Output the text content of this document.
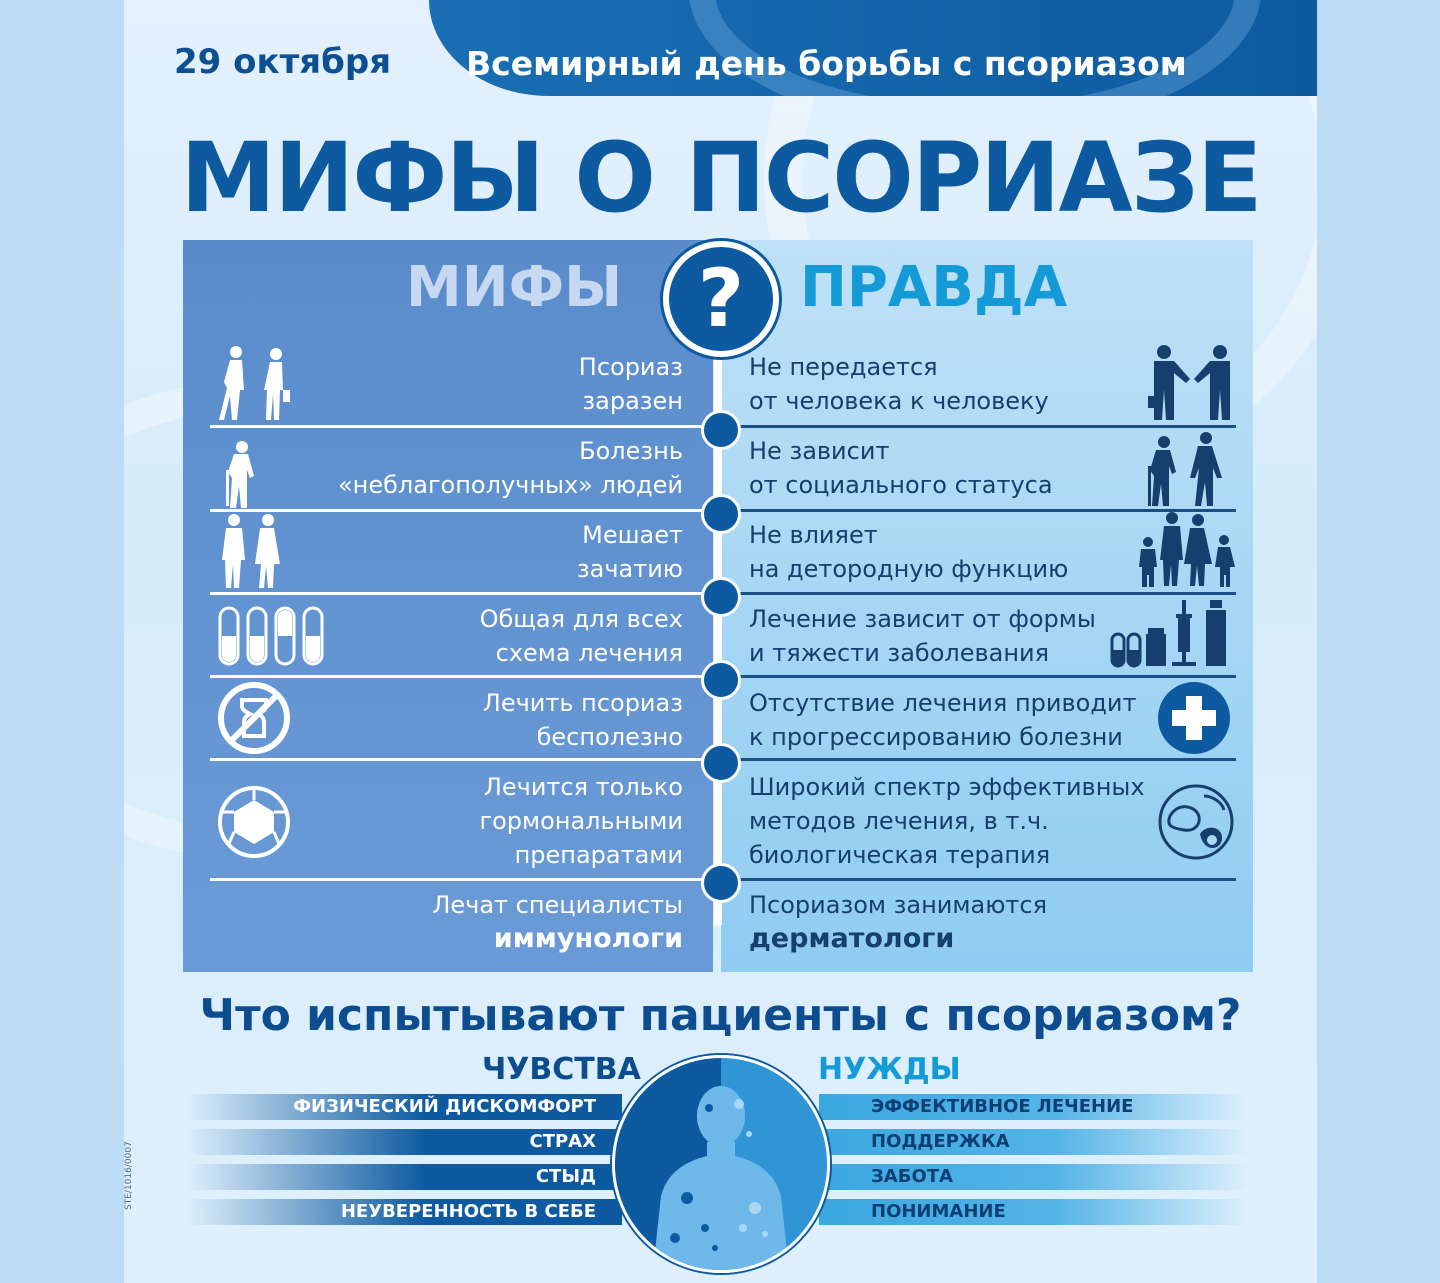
29 октября Всемирный день борьбы с псориазом
МИФЫ О ПСОРИАЗЕ
МИФЫ	ПРАВДА
?
Псориаз
заразен
Не передается
от человека к человеку
Болезнь
«неблагополучных» людей
Не зависит
от социального статуса
Мешает
зачатию
Не влияет
на детородную функцию
Общая для всех
схема лечения
Лечение зависит от формы
и тяжести заболевания
Лечить псориаз
бесполезно
Отсутствие лечения приводит
к прогрессированию болезни
Лечится только
гормональными
препаратами
Широкий спектр эффективных
методов лечения, в т.ч.
биологическая терапия
Лечат специалисты
иммунологи
Псориазом занимаются
дерматологи
Что испытывают пациенты с псориазом?
ЧУВСТВА	НУЖДЫ
ФИЗИЧЕСКИЙ ДИСКОМФОРТ
СТРАХ
СТЫД
НЕУВЕРЕННОСТЬ В СЕБЕ
ЭФФЕКТИВНОЕ ЛЕЧЕНИЕ
ПОДДЕРЖКА
ЗАБОТА
ПОНИМАНИЕ
STE/1016/0007
